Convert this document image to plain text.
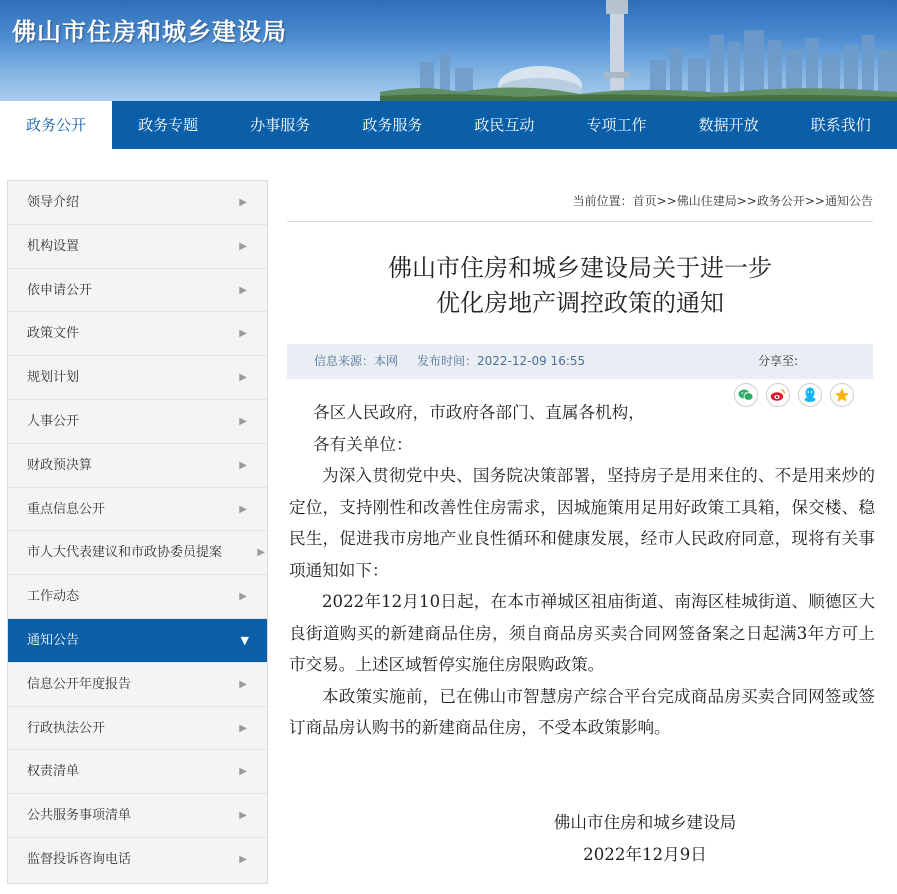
佛山市住房和城乡建设局
政务公开	政务专题	办事服务	政务服务	政民互动	专项工作	数据开放	联系我们
领导介绍	▶
机构设置	▶
依申请公开	▶
政策文件	▶
规划计划	▶
人事公开	▶
财政预决算	▶
重点信息公开	▶
市人大代表建议和市政协委员提案	▶
工作动态	▶
通知公告	▼
信息公开年度报告	▶
行政执法公开	▶
权责清单	▶
公共服务事项清单	▶
监督投诉咨询电话	▶
当前位置：首页>>佛山住建局>>政务公开>>通知公告
佛山市住房和城乡建设局关于进一步
优化房地产调控政策的通知
信息来源：本网 发布时间：2022-12-09 16:55	分享至:

各区人民政府，市政府各部门、直属各机构，

各有关单位：

为深入贯彻党中央、国务院决策部署，坚持房子是用来住的、不是用来炒的定位，支持刚性和改善性住房需求，因城施策用足用好政策工具箱，保交楼、稳民生，促进我市房地产业良性循环和健康发展，经市人民政府同意，现将有关事项通知如下：

2022年12月10日起，在本市禅城区祖庙街道、南海区桂城街道、顺德区大良街道购买的新建商品住房，须自商品房买卖合同网签备案之日起满3年方可上市交易。上述区域暂停实施住房限购政策。

本政策实施前，已在佛山市智慧房产综合平台完成商品房买卖合同网签或签订商品房认购书的新建商品住房，不受本政策影响。

佛山市住房和城乡建设局
2022年12月9日
